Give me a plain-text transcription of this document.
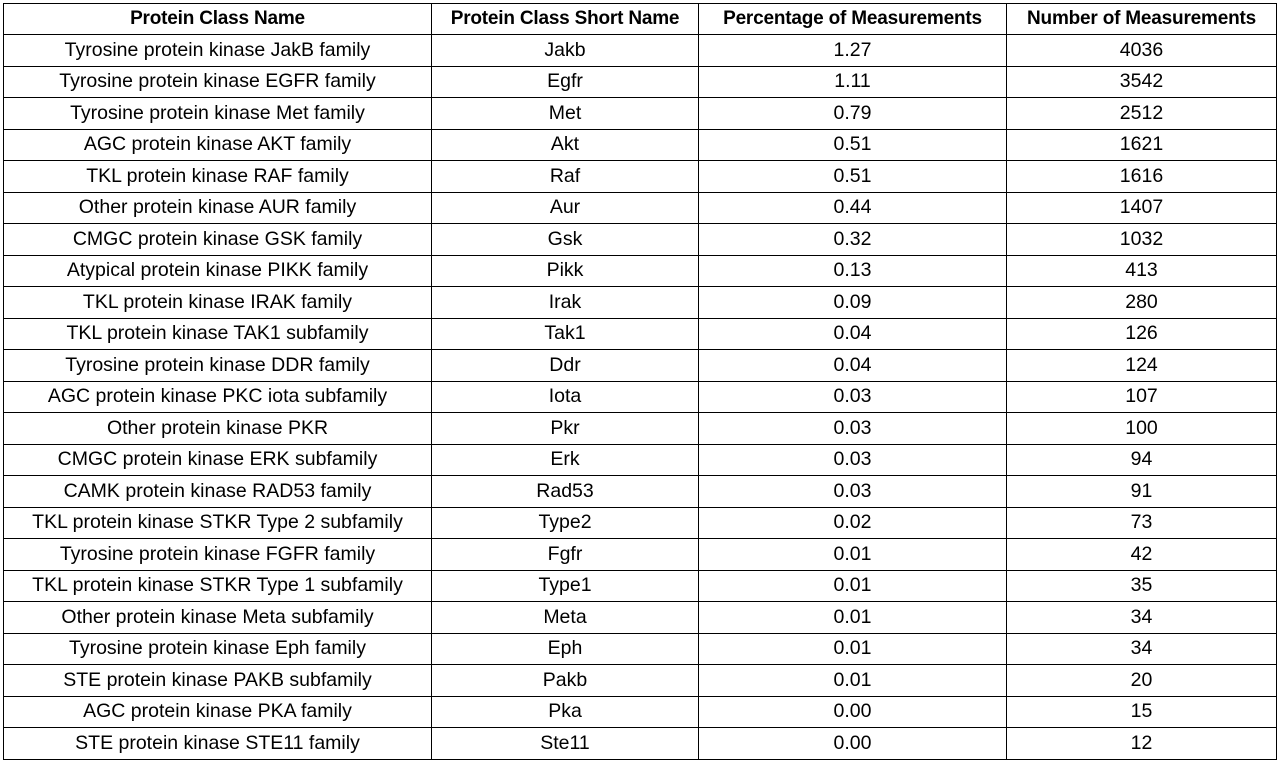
Protein Class Name	Protein Class Short Name	Percentage of Measurements	Number of Measurements
Tyrosine protein kinase JakB family	Jakb	1.27	4036
Tyrosine protein kinase EGFR family	Egfr	1.11	3542
Tyrosine protein kinase Met family	Met	0.79	2512
AGC protein kinase AKT family	Akt	0.51	1621
TKL protein kinase RAF family	Raf	0.51	1616
Other protein kinase AUR family	Aur	0.44	1407
CMGC protein kinase GSK family	Gsk	0.32	1032
Atypical protein kinase PIKK family	Pikk	0.13	413
TKL protein kinase IRAK family	Irak	0.09	280
TKL protein kinase TAK1 subfamily	Tak1	0.04	126
Tyrosine protein kinase DDR family	Ddr	0.04	124
AGC protein kinase PKC iota subfamily	Iota	0.03	107
Other protein kinase PKR	Pkr	0.03	100
CMGC protein kinase ERK subfamily	Erk	0.03	94
CAMK protein kinase RAD53 family	Rad53	0.03	91
TKL protein kinase STKR Type 2 subfamily	Type2	0.02	73
Tyrosine protein kinase FGFR family	Fgfr	0.01	42
TKL protein kinase STKR Type 1 subfamily	Type1	0.01	35
Other protein kinase Meta subfamily	Meta	0.01	34
Tyrosine protein kinase Eph family	Eph	0.01	34
STE protein kinase PAKB subfamily	Pakb	0.01	20
AGC protein kinase PKA family	Pka	0.00	15
STE protein kinase STE11 family	Ste11	0.00	12
